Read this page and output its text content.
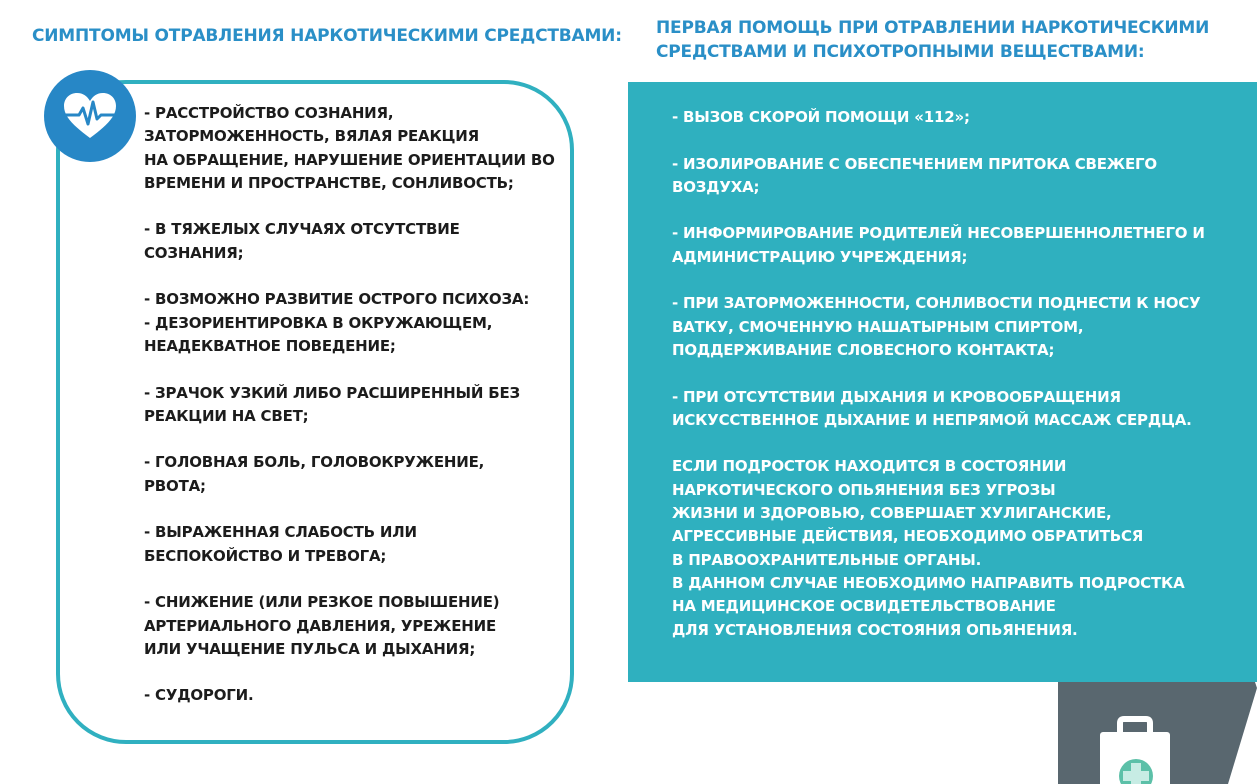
СИМПТОМЫ ОТРАВЛЕНИЯ НАРКОТИЧЕСКИМИ СРЕДСТВАМИ:	ПЕРВАЯ ПОМОЩЬ ПРИ ОТРАВЛЕНИИ НАРКОТИЧЕСКИМИ СРЕДСТВАМИ И ПСИХОТРОПНЫМИ ВЕЩЕСТВАМИ:
- РАССТРОЙСТВО СОЗНАНИЯ,
ЗАТОРМОЖЕННОСТЬ, ВЯЛАЯ РЕАКЦИЯ
НА ОБРАЩЕНИЕ, НАРУШЕНИЕ ОРИЕНТАЦИИ ВО
ВРЕМЕНИ И ПРОСТРАНСТВЕ, СОНЛИВОСТЬ;
- В ТЯЖЕЛЫХ СЛУЧАЯХ ОТСУТСТВИЕ
СОЗНАНИЯ;
- ВОЗМОЖНО РАЗВИТИЕ ОСТРОГО ПСИХОЗА:
- ДЕЗОРИЕНТИРОВКА В ОКРУЖАЮЩЕМ,
НЕАДЕКВАТНОЕ ПОВЕДЕНИЕ;
- ЗРАЧОК УЗКИЙ ЛИБО РАСШИРЕННЫЙ БЕЗ
РЕАКЦИИ НА СВЕТ;
- ГОЛОВНАЯ БОЛЬ, ГОЛОВОКРУЖЕНИЕ,
РВОТА;
- ВЫРАЖЕННАЯ СЛАБОСТЬ ИЛИ
БЕСПОКОЙСТВО И ТРЕВОГА;
- СНИЖЕНИЕ (ИЛИ РЕЗКОЕ ПОВЫШЕНИЕ)
АРТЕРИАЛЬНОГО ДАВЛЕНИЯ, УРЕЖЕНИЕ
ИЛИ УЧАЩЕНИЕ ПУЛЬСА И ДЫХАНИЯ;
- СУДОРОГИ.
- ВЫЗОВ СКОРОЙ ПОМОЩИ «112»;
- ИЗОЛИРОВАНИЕ С ОБЕСПЕЧЕНИЕМ ПРИТОКА СВЕЖЕГО
ВОЗДУХА;
- ИНФОРМИРОВАНИЕ РОДИТЕЛЕЙ НЕСОВЕРШЕННОЛЕТНЕГО И
АДМИНИСТРАЦИЮ УЧРЕЖДЕНИЯ;
- ПРИ ЗАТОРМОЖЕННОСТИ, СОНЛИВОСТИ ПОДНЕСТИ К НОСУ
ВАТКУ, СМОЧЕННУЮ НАШАТЫРНЫМ СПИРТОМ,
ПОДДЕРЖИВАНИЕ СЛОВЕСНОГО КОНТАКТА;
- ПРИ ОТСУТСТВИИ ДЫХАНИЯ И КРОВООБРАЩЕНИЯ
ИСКУССТВЕННОЕ ДЫХАНИЕ И НЕПРЯМОЙ МАССАЖ СЕРДЦА.
ЕСЛИ ПОДРОСТОК НАХОДИТСЯ В СОСТОЯНИИ
НАРКОТИЧЕСКОГО ОПЬЯНЕНИЯ БЕЗ УГРОЗЫ
ЖИЗНИ И ЗДОРОВЬЮ, СОВЕРШАЕТ ХУЛИГАНСКИЕ,
АГРЕССИВНЫЕ ДЕЙСТВИЯ, НЕОБХОДИМО ОБРАТИТЬСЯ
В ПРАВООХРАНИТЕЛЬНЫЕ ОРГАНЫ.
В ДАННОМ СЛУЧАЕ НЕОБХОДИМО НАПРАВИТЬ ПОДРОСТКА
НА МЕДИЦИНСКОЕ ОСВИДЕТЕЛЬСТВОВАНИЕ
ДЛЯ УСТАНОВЛЕНИЯ СОСТОЯНИЯ ОПЬЯНЕНИЯ.
